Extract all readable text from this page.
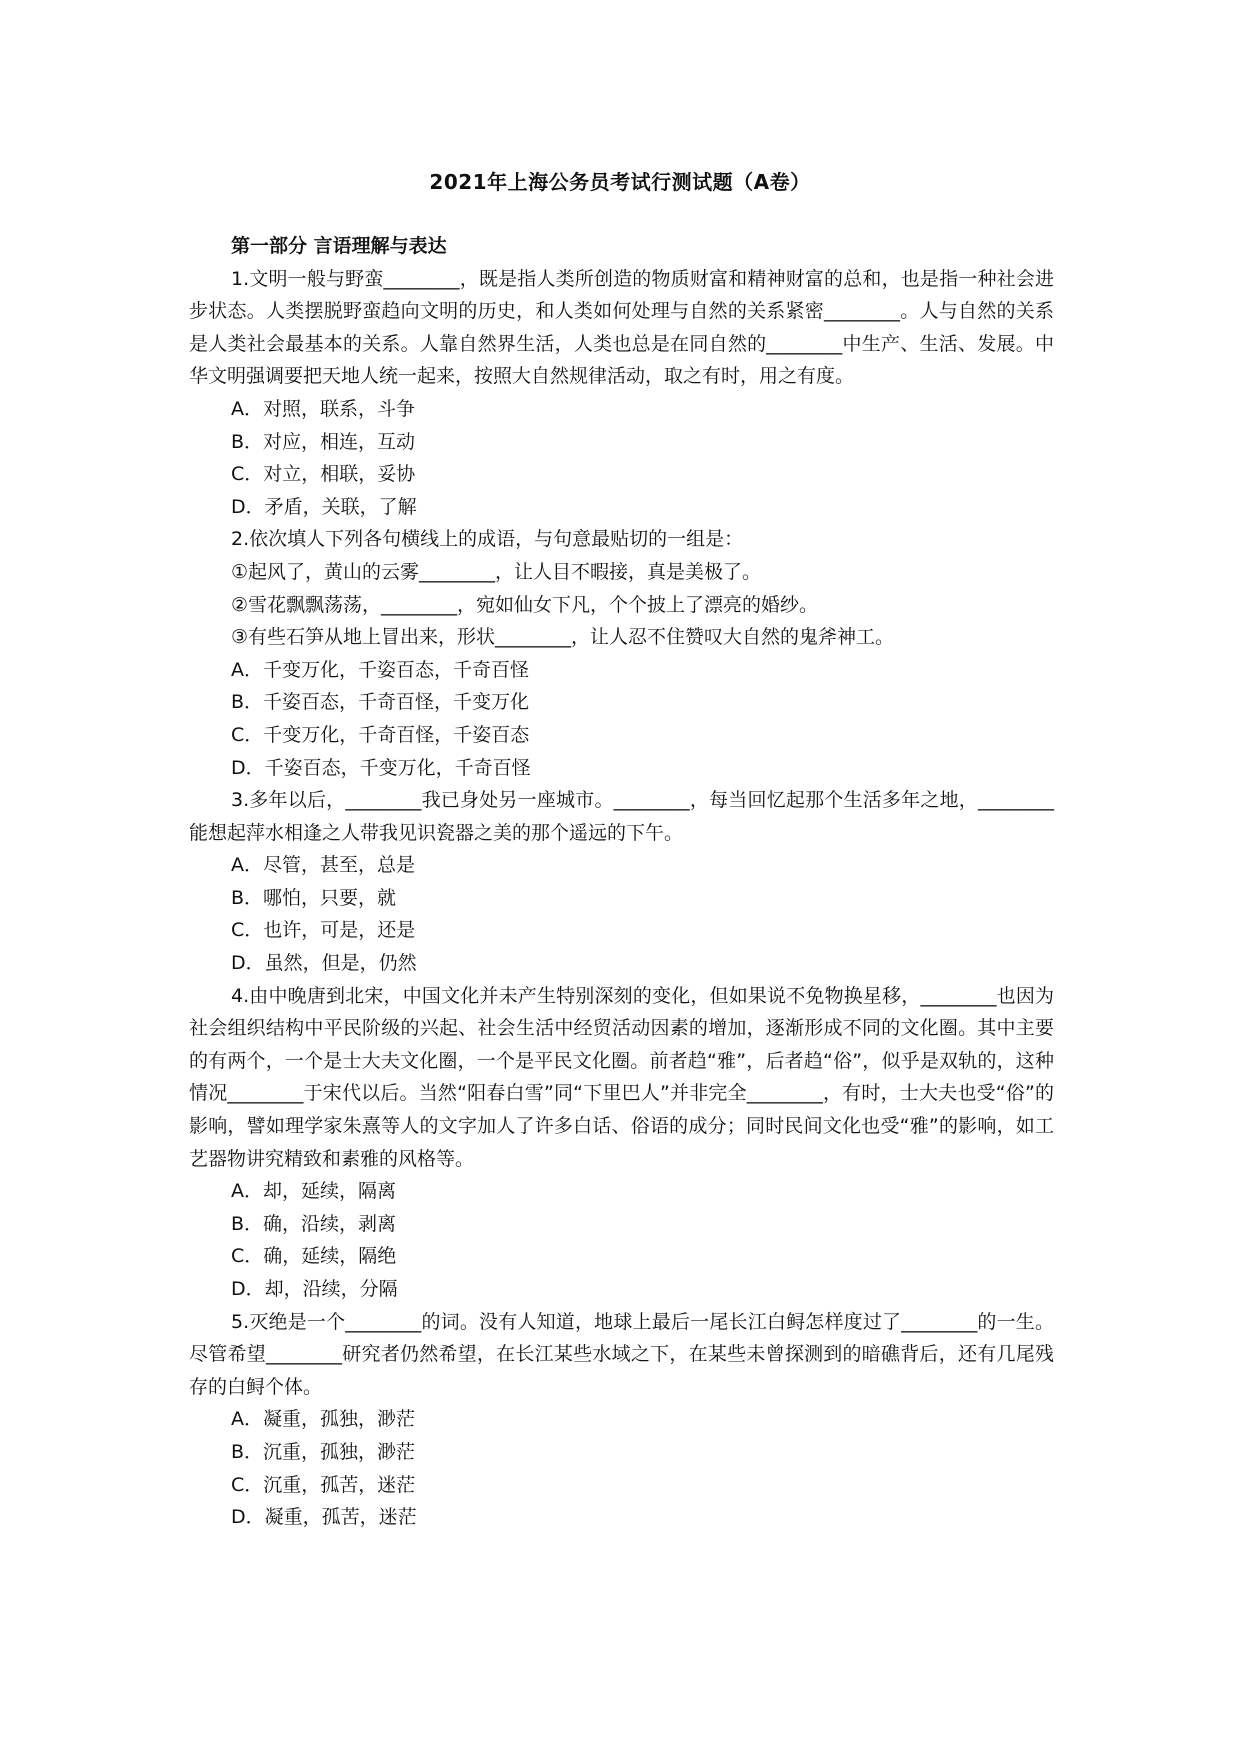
2021年上海公务员考试行测试题（A卷）

第一部分 言语理解与表达

1.文明一般与野蛮________，既是指人类所创造的物质财富和精神财富的总和，也是指一种社会进步状态。人类摆脱野蛮趋向文明的历史，和人类如何处理与自然的关系紧密________。人与自然的关系是人类社会最基本的关系。人靠自然界生活，人类也总是在同自然的________中生产、生活、发展。中华文明强调要把天地人统一起来，按照大自然规律活动，取之有时，用之有度。

A．对照，联系，斗争

B．对应，相连，互动

C．对立，相联，妥协

D．矛盾，关联，了解

2.依次填人下列各句横线上的成语，与句意最贴切的一组是：

①起风了，黄山的云雾________，让人目不暇接，真是美极了。

②雪花飘飘荡荡，________，宛如仙女下凡，个个披上了漂亮的婚纱。

③有些石笋从地上冒出来，形状________，让人忍不住赞叹大自然的鬼斧神工。

A．千变万化，千姿百态，千奇百怪

B．千姿百态，千奇百怪，千变万化

C．千变万化，千奇百怪，千姿百态

D．千姿百态，千变万化，千奇百怪

3.多年以后，________我已身处另一座城市。________，每当回忆起那个生活多年之地，________能想起萍水相逢之人带我见识瓷器之美的那个遥远的下午。

A．尽管，甚至，总是

B．哪怕，只要，就

C．也许，可是，还是

D．虽然，但是，仍然

4.由中晚唐到北宋，中国文化并未产生特别深刻的变化，但如果说不免物换星移，________也因为社会组织结构中平民阶级的兴起、社会生活中经贸活动因素的增加，逐渐形成不同的文化圈。其中主要的有两个，一个是士大夫文化圈，一个是平民文化圈。前者趋“雅”，后者趋“俗”，似乎是双轨的，这种情况________于宋代以后。当然“阳春白雪”同“下里巴人”并非完全________，有时，士大夫也受“俗”的影响，譬如理学家朱熹等人的文字加人了许多白话、俗语的成分；同时民间文化也受“雅”的影响，如工艺器物讲究精致和素雅的风格等。

A．却，延续，隔离

B．确，沿续，剥离

C．确，延续，隔绝

D．却，沿续，分隔

5.灭绝是一个________的词。没有人知道，地球上最后一尾长江白鲟怎样度过了________的一生。尽管希望________研究者仍然希望，在长江某些水域之下，在某些未曾探测到的暗礁背后，还有几尾残存的白鲟个体。

A．凝重，孤独，渺茫

B．沉重，孤独，渺茫

C．沉重，孤苦，迷茫

D．凝重，孤苦，迷茫
